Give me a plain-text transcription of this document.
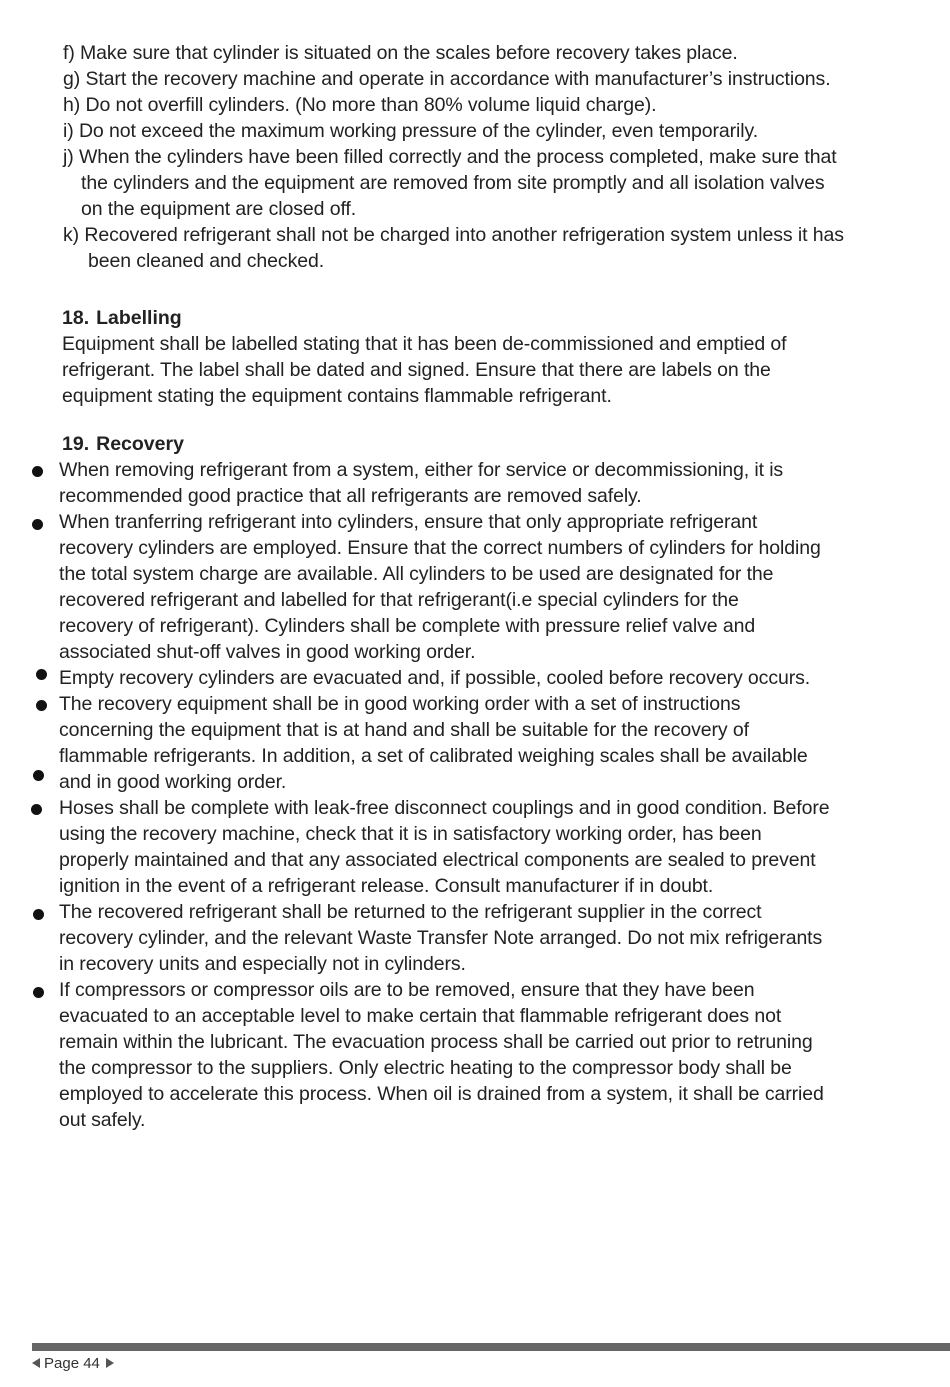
f) Make sure that cylinder is situated on the scales before recovery takes place.
g) Start the recovery machine and operate in accordance with manufacturer’s instructions.
h) Do not overfill cylinders. (No more than 80% volume liquid charge).
i) Do not exceed the maximum working pressure of the cylinder, even temporarily.
j) When the cylinders have been filled correctly and the process completed, make sure that
the cylinders and the equipment are removed from site promptly and all isolation valves
on the equipment are closed off.
k) Recovered refrigerant shall not be charged into another refrigeration system unless it has
been cleaned and checked.
18. Labelling
Equipment shall be labelled stating that it has been de-commissioned and emptied of
refrigerant. The label shall be dated and signed. Ensure that there are labels on the
equipment stating the equipment contains flammable refrigerant.
19. Recovery
When removing refrigerant from a system, either for service or decommissioning, it is
recommended good practice that all refrigerants are removed safely.
When tranferring refrigerant into cylinders, ensure that only appropriate refrigerant
recovery cylinders are employed. Ensure that the correct numbers of cylinders for holding
the total system charge are available. All cylinders to be used are designated for the
recovered refrigerant and labelled for that refrigerant(i.e special cylinders for the
recovery of refrigerant). Cylinders shall be complete with pressure relief valve and
associated shut-off valves in good working order.
Empty recovery cylinders are evacuated and, if possible, cooled before recovery occurs.
The recovery equipment shall be in good working order with a set of instructions
concerning the equipment that is at hand and shall be suitable for the recovery of
flammable refrigerants. In addition, a set of calibrated weighing scales shall be available
and in good working order.
Hoses shall be complete with leak-free disconnect couplings and in good condition. Before
using the recovery machine, check that it is in satisfactory working order, has been
properly maintained and that any associated electrical components are sealed to prevent
ignition in the event of a refrigerant release. Consult manufacturer if in doubt.
The recovered refrigerant shall be returned to the refrigerant supplier in the correct
recovery cylinder, and the relevant Waste Transfer Note arranged. Do not mix refrigerants
in recovery units and especially not in cylinders.
If compressors or compressor oils are to be removed, ensure that they have been
evacuated to an acceptable level to make certain that flammable refrigerant does not
remain within the lubricant. The evacuation process shall be carried out prior to retruning
the compressor to the suppliers. Only electric heating to the compressor body shall be
employed to accelerate this process. When oil is drained from a system, it shall be carried
out safely.
Page 44
